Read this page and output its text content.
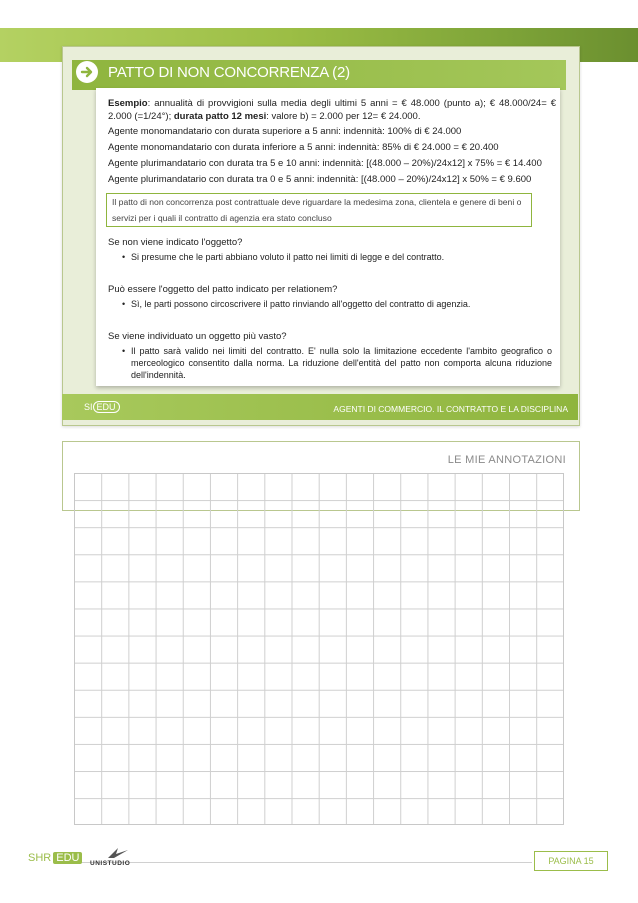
PATTO DI NON CONCORRENZA (2)
Esempio: annualità di provvigioni sulla media degli ultimi 5 anni = € 48.000 (punto a); € 48.000/24= € 2.000 (=1/24°); durata patto 12 mesi: valore b) = 2.000 per 12= € 24.000.
Agente monomandatario con durata superiore a 5 anni: indennità: 100% di € 24.000
Agente monomandatario con durata inferiore a 5 anni: indennità: 85% di € 24.000 = € 20.400
Agente plurimandatario con durata tra 5 e 10 anni: indennità: [(48.000 – 20%)/24x12] x 75% = € 14.400
Agente plurimandatario con durata tra 0 e 5 anni: indennità: [(48.000 – 20%)/24x12] x 50% = € 9.600
Il patto di non concorrenza post contrattuale deve riguardare la medesima zona, clientela e genere di beni o servizi per i quali il contratto di agenzia era stato concluso
Se non viene indicato l'oggetto?
• Si presume che le parti abbiano voluto il patto nei limiti di legge e del contratto.
Può essere l'oggetto del patto indicato per relationem?
• Sì, le parti possono circoscrivere il patto rinviando all'oggetto del contratto di agenzia.
Se viene individuato un oggetto più vasto?
• Il patto sarà valido nei limiti del contratto. E' nulla solo la limitazione eccedente l'ambito geografico o merceologico consentito dalla norma. La riduzione dell'entità del patto non comporta alcuna riduzione dell'indennità.
SI EDU	AGENTI DI COMMERCIO. IL CONTRATTO E LA DISCIPLINA
LE MIE ANNOTAZIONI
SHR EDU	UNISTUDIO	PAGINA 15
